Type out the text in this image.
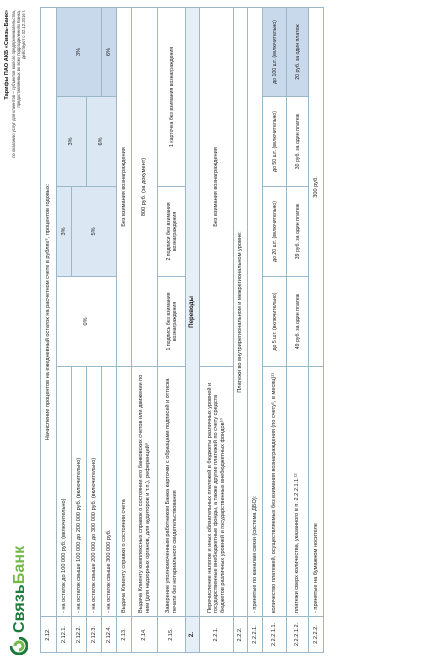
СвязьБанк
Тарифы ПАО АКБ «Связь-Банк» по оказанию услуг для клиентов – субъектов малого предпринимательства, предоставляемых во всех подразделениях Банка, действуют с 02.12.2016 г.
2.12.	Начисление процентов на ежедневный остаток на расчетном счете в рублях⁸, процентов годовых:				
2.12.1.	- на остаток до 100 000 руб. (включительно)	0%	3%	3%	3%
2.12.2.	- на остаток свыше 100 000 до 200 000 руб. (включительно)		5%		
2.12.3.	- на остаток свыше 200 000 до 300 000 руб. (включительно)			6%	
2.12.4.	- на остаток свыше 300 000 руб.				6%
2.13.	Выдача Клиенту справки о состоянии счета	Без взимания вознаграждения			
2.14.	Выдача Клиенту комплексных справок о состоянии его банковских счетов или движении по ним (для надзорных органов, для аудиторов и т.п.), референций⁹	800 руб. (за документ)			
2.15.	Заверение уполномоченным работником Банка карточки с образцами подписей и оттиска печати без нотариального свидетельствования	1 подпись без взимания вознаграждения	2 подписи без взимания вознаграждения	1 карточка без взимания вознаграждения	
2.	Переводы				
2.2.1.	Перечисление налогов и иных обязательных платежей в бюджеты различных уровней и государственные внебюджетные фонды, а также другие платежей по счету средств бюджетов различных уровней и государственных внебюджетных фондов¹⁰	Без взимания вознаграждения			
2.2.2.	Платежи во внутрирегиональном и межрегиональном уровне:				
2.2.2.1.	- принятые по каналам связи (система ДБО):				
2.2.2.1.1.	количество платежей, осуществляемых без взимания вознаграждения (по счету¹, в месяц)¹¹	до 5 шт. (включительно)	до 20 шт. (включительно)	до 50 шт. (включительно)	до 100 шт. (включительно)
2.2.2.1.2.	платежи сверх количества, указанного в п. 2.2.2.1.1.¹²	49 руб. за один платеж	39 руб. за один платеж	30 руб. за один платеж	20 руб. за один платеж
2.2.2.2.	- принятые на бумажном носителе	300 руб.			
